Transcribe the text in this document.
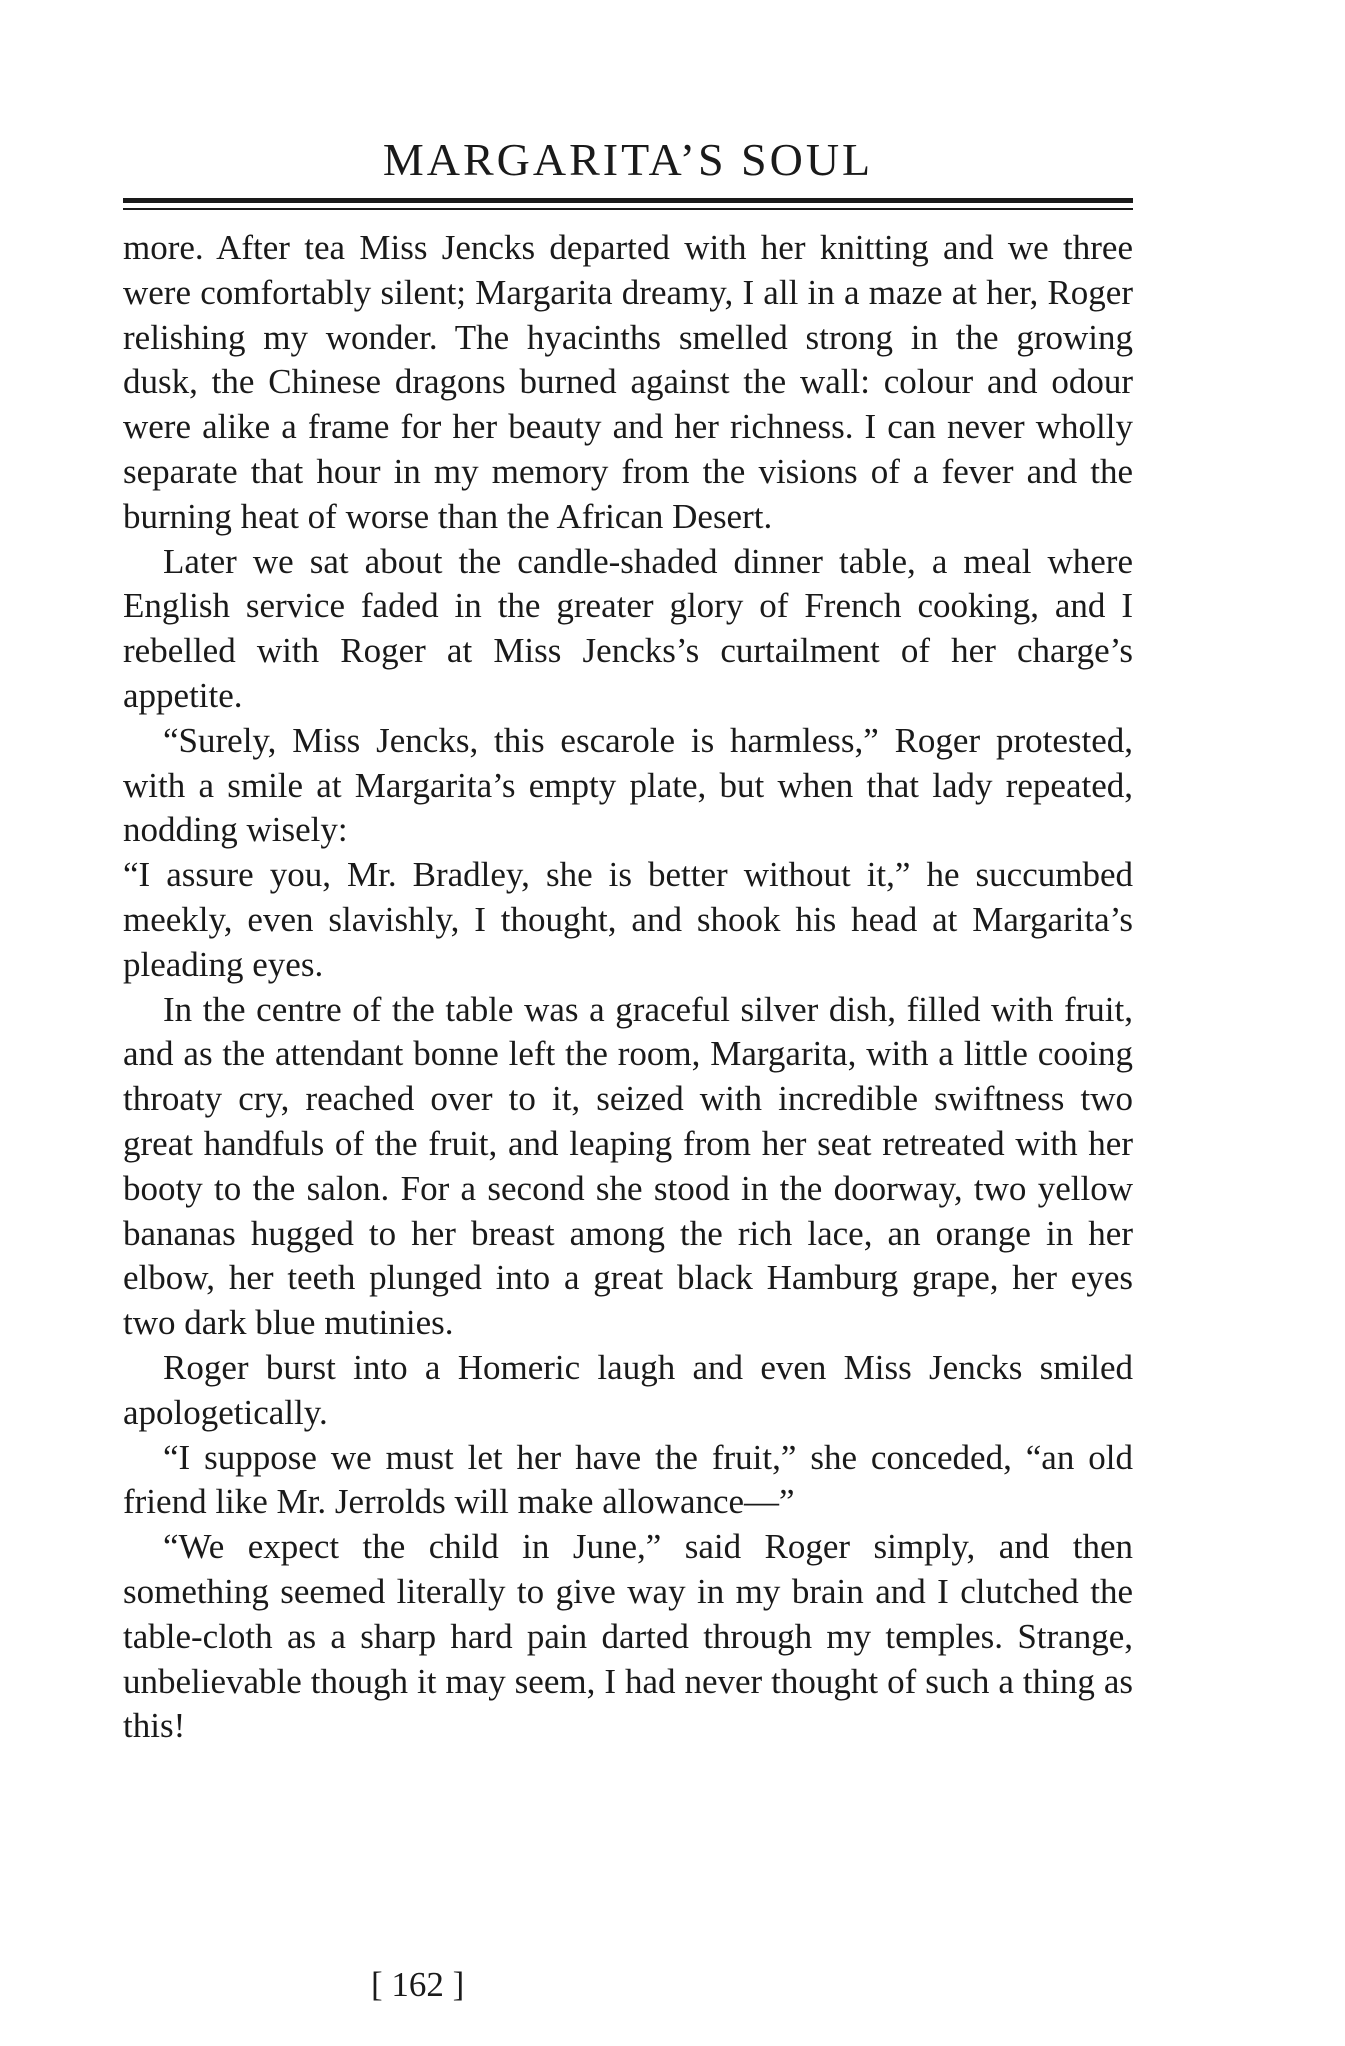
MARGARITA’S SOUL

more. After tea Miss Jencks departed with her knitting and we three were comfortably silent; Margarita dreamy, I all in a maze at her, Roger relishing my wonder. The hyacinths smelled strong in the growing dusk, the Chinese dragons burned against the wall: colour and odour were alike a frame for her beauty and her richness. I can never wholly separate that hour in my memory from the visions of a fever and the burning heat of worse than the African Desert.

Later we sat about the candle-shaded dinner table, a meal where English service faded in the greater glory of French cooking, and I rebelled with Roger at Miss Jencks’s curtailment of her charge’s appetite.

“Surely, Miss Jencks, this escarole is harmless,” Roger protested, with a smile at Margarita’s empty plate, but when that lady repeated, nodding wisely:

“I assure you, Mr. Bradley, she is better without it,” he succumbed meekly, even slavishly, I thought, and shook his head at Margarita’s pleading eyes.

In the centre of the table was a graceful silver dish, filled with fruit, and as the attendant bonne left the room, Margarita, with a little cooing throaty cry, reached over to it, seized with incredible swiftness two great handfuls of the fruit, and leaping from her seat retreated with her booty to the salon. For a second she stood in the doorway, two yellow bananas hugged to her breast among the rich lace, an orange in her elbow, her teeth plunged into a great black Hamburg grape, her eyes two dark blue mutinies.

Roger burst into a Homeric laugh and even Miss Jencks smiled apologetically.

“I suppose we must let her have the fruit,” she conceded, “an old friend like Mr. Jerrolds will make allowance—”

“We expect the child in June,” said Roger simply, and then something seemed literally to give way in my brain and I clutched the table-cloth as a sharp hard pain darted through my temples. Strange, unbelievable though it may seem, I had never thought of such a thing as this!

[ 162 ]
